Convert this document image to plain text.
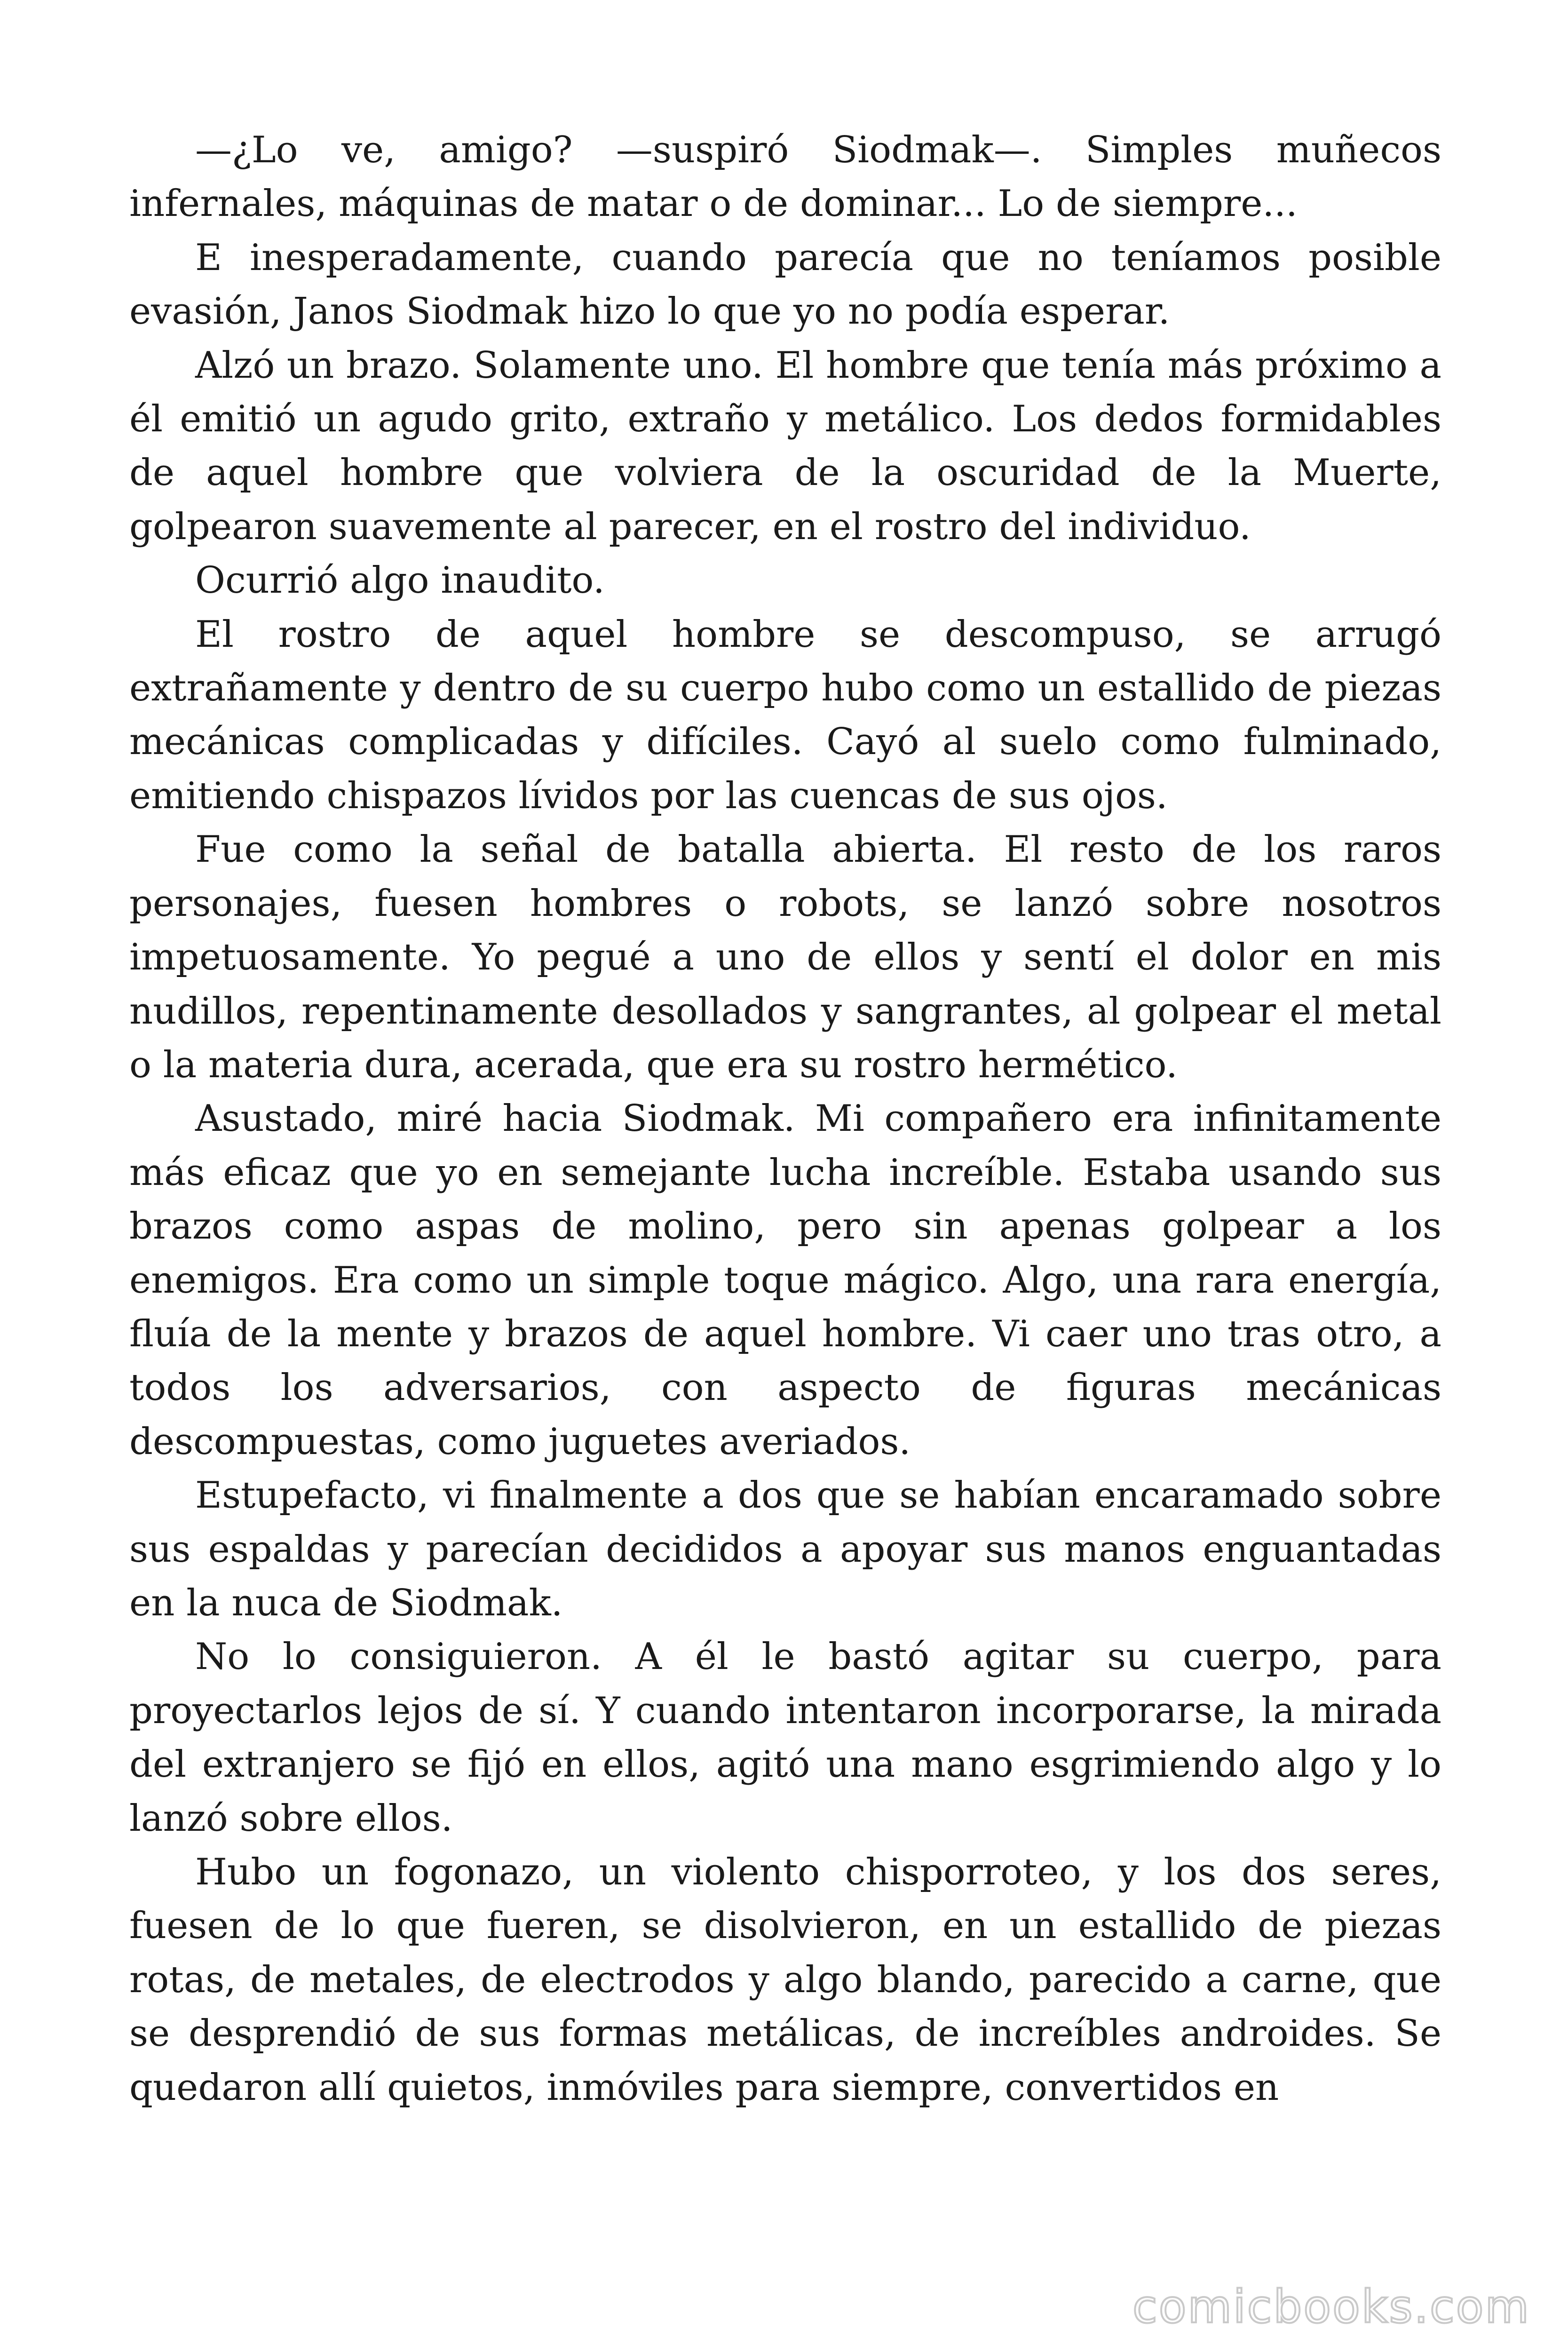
—¿Lo ve, amigo? —suspiró Siodmak—. Simples muñecos infernales, máquinas de matar o de dominar... Lo de siempre...

E inesperadamente, cuando parecía que no teníamos posible evasión, Janos Siodmak hizo lo que yo no podía esperar.

Alzó un brazo. Solamente uno. El hombre que tenía más próximo a él emitió un agudo grito, extraño y metálico. Los dedos formidables de aquel hombre que volviera de la oscuridad de la Muerte, golpearon suavemente al parecer, en el rostro del individuo.

Ocurrió algo inaudito.

El rostro de aquel hombre se descompuso, se arrugó extrañamente y dentro de su cuerpo hubo como un estallido de piezas mecánicas complicadas y difíciles. Cayó al suelo como fulminado, emitiendo chispazos lívidos por las cuencas de sus ojos.

Fue como la señal de batalla abierta. El resto de los raros personajes, fuesen hombres o robots, se lanzó sobre nosotros impetuosamente. Yo pegué a uno de ellos y sentí el dolor en mis nudillos, repentinamente desollados y sangrantes, al golpear el metal o la materia dura, acerada, que era su rostro hermético.

Asustado, miré hacia Siodmak. Mi compañero era infinitamente más eficaz que yo en semejante lucha increíble. Estaba usando sus brazos como aspas de molino, pero sin apenas golpear a los enemigos. Era como un simple toque mágico. Algo, una rara energía, fluía de la mente y brazos de aquel hombre. Vi caer uno tras otro, a todos los adversarios, con aspecto de figuras mecánicas descompuestas, como juguetes averiados.

Estupefacto, vi finalmente a dos que se habían encaramado sobre sus espaldas y parecían decididos a apoyar sus manos enguantadas en la nuca de Siodmak.

No lo consiguieron. A él le bastó agitar su cuerpo, para proyectarlos lejos de sí. Y cuando intentaron incorporarse, la mirada del extranjero se fijó en ellos, agitó una mano esgrimiendo algo y lo lanzó sobre ellos.

Hubo un fogonazo, un violento chisporroteo, y los dos seres, fuesen de lo que fueren, se disolvieron, en un estallido de piezas rotas, de metales, de electrodos y algo blando, parecido a carne, que se desprendió de sus formas metálicas, de increíbles androides. Se quedaron allí quietos, inmóviles para siempre, convertidos en

comicbooks.com
